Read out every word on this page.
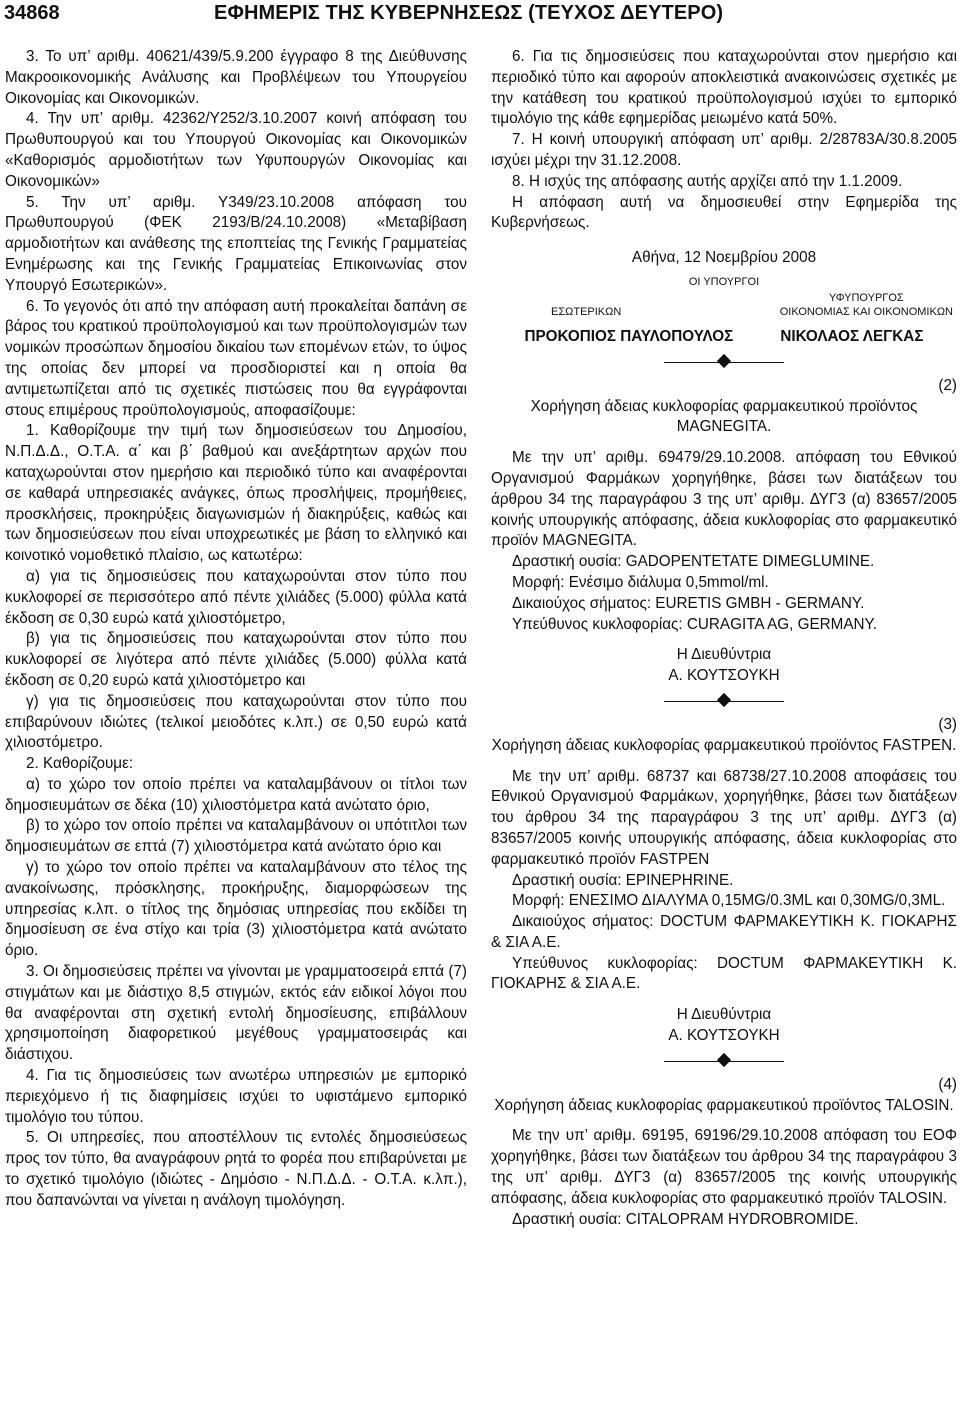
34868	ΕΦΗΜΕΡΙΣ ΤΗΣ ΚΥΒΕΡΝΗΣΕΩΣ (ΤΕΥΧΟΣ ΔΕΥΤΕΡΟ)

3. Το υπ’ αριθμ. 40621/439/5.9.200 έγγραφο 8 της Διεύθυνσης Μακροοικονομικής Ανάλυσης και Προβλέψεων του Υπουργείου Οικονομίας και Οικονομικών.

4. Την υπ’ αριθμ. 42362/Υ252/3.10.2007 κοινή απόφαση του Πρωθυπουργού και του Υπουργού Οικονομίας και Οικονομικών «Καθορισμός αρμοδιοτήτων των Υφυπουργών Οικονομίας και Οικονομικών»

5. Την υπ’ αριθμ. Υ349/23.10.2008 απόφαση του Πρωθυπουργού (ΦΕΚ 2193/Β/24.10.2008) «Μεταβίβαση αρμοδιοτήτων και ανάθεσης της εποπτείας της Γενικής Γραμματείας Ενημέρωσης και της Γενικής Γραμματείας Επικοινωνίας στον Υπουργό Εσωτερικών».

6. Το γεγονός ότι από την απόφαση αυτή προκαλείται δαπάνη σε βάρος του κρατικού προϋπολογισμού και των προϋπολογισμών των νομικών προσώπων δημοσίου δικαίου των επομένων ετών, το ύψος της οποίας δεν μπορεί να προσδιοριστεί και η οποία θα αντιμετωπίζεται από τις σχετικές πιστώσεις που θα εγγράφονται στους επιμέρους προϋπολογισμούς, αποφασίζουμε:

1. Καθορίζουμε την τιμή των δημοσιεύσεων του Δημοσίου, Ν.Π.Δ.Δ., Ο.Τ.Α. α΄ και β΄ βαθμού και ανεξάρτητων αρχών που καταχωρούνται στον ημερήσιο και περιοδικό τύπο και αναφέρονται σε καθαρά υπηρεσιακές ανάγκες, όπως προσλήψεις, προμήθειες, προσκλήσεις, προκηρύξεις διαγωνισμών ή διακηρύξεις, καθώς και των δημοσιεύσεων που είναι υποχρεωτικές με βάση το ελληνικό και κοινοτικό νομοθετικό πλαίσιο, ως κατωτέρω:

α) για τις δημοσιεύσεις που καταχωρούνται στον τύπο που κυκλοφορεί σε περισσότερο από πέντε χιλιάδες (5.000) φύλλα κατά έκδοση σε 0,30 ευρώ κατά χιλιοστόμετρο,

β) για τις δημοσιεύσεις που καταχωρούνται στον τύπο που κυκλοφορεί σε λιγότερα από πέντε χιλιάδες (5.000) φύλλα κατά έκδοση σε 0,20 ευρώ κατά χιλιοστόμετρο και

γ) για τις δημοσιεύσεις που καταχωρούνται στον τύπο που επιβαρύνουν ιδιώτες (τελικοί μειοδότες κ.λπ.) σε 0,50 ευρώ κατά χιλιοστόμετρο.

2. Καθορίζουμε:

α) το χώρο τον οποίο πρέπει να καταλαμβάνουν οι τίτλοι των δημοσιευμάτων σε δέκα (10) χιλιοστόμετρα κατά ανώτατο όριο,

β) το χώρο τον οποίο πρέπει να καταλαμβάνουν οι υπότιτλοι των δημοσιευμάτων σε επτά (7) χιλιοστόμετρα κατά ανώτατο όριο και

γ) το χώρο τον οποίο πρέπει να καταλαμβάνουν στο τέλος της ανακοίνωσης, πρόσκλησης, προκήρυξης, διαμορφώσεων της υπηρεσίας κ.λπ. ο τίτλος της δημόσιας υπηρεσίας που εκδίδει τη δημοσίευση σε ένα στίχο και τρία (3) χιλιοστόμετρα κατά ανώτατο όριο.

3. Οι δημοσιεύσεις πρέπει να γίνονται με γραμματοσειρά επτά (7) στιγμάτων και με διάστιχο 8,5 στιγμών, εκτός εάν ειδικοί λόγοι που θα αναφέρονται στη σχετική εντολή δημοσίευσης, επιβάλλουν χρησιμοποίηση διαφορετικού μεγέθους γραμματοσειράς και διάστιχου.

4. Για τις δημοσιεύσεις των ανωτέρω υπηρεσιών με εμπορικό περιεχόμενο ή τις διαφημίσεις ισχύει το υφιστάμενο εμπορικό τιμολόγιο του τύπου.

5. Οι υπηρεσίες, που αποστέλλουν τις εντολές δημοσιεύσεως προς τον τύπο, θα αναγράφουν ρητά το φορέα που επιβαρύνεται με το σχετικό τιμολόγιο (ιδιώτες - Δημόσιο - Ν.Π.Δ.Δ. - Ο.Τ.Α. κ.λπ.), που δαπανώνται να γίνεται η ανάλογη τιμολόγηση.

6. Για τις δημοσιεύσεις που καταχωρούνται στον ημερήσιο και περιοδικό τύπο και αφορούν αποκλειστικά ανακοινώσεις σχετικές με την κατάθεση του κρατικού προϋπολογισμού ισχύει το εμπορικό τιμολόγιο της κάθε εφημερίδας μειωμένο κατά 50%.

7. Η κοινή υπουργική απόφαση υπ’ αριθμ. 2/28783Α/30.8.2005 ισχύει μέχρι την 31.12.2008.

8. Η ισχύς της απόφασης αυτής αρχίζει από την 1.1.2009.

Η απόφαση αυτή να δημοσιευθεί στην Εφημερίδα της Κυβερνήσεως.

Αθήνα, 12 Νοεμβρίου 2008

ΟΙ ΥΠΟΥΡΓΟΙ

ΕΣΩΤΕΡΙΚΩΝ
ΥΦΥΠΟΥΡΓΟΣ
ΟΙΚΟΝΟΜΙΑΣ ΚΑΙ ΟΙΚΟΝΟΜΙΚΩΝ

ΠΡΟΚΟΠΙΟΣ ΠΑΥΛΟΠΟΥΛΟΣ	ΝΙΚΟΛΑΟΣ ΛΕΓΚΑΣ

(2)

Χορήγηση άδειας κυκλοφορίας φαρμακευτικού προϊόντος MAGNEGITA.

Με την υπ’ αριθμ. 69479/29.10.2008. απόφαση του Εθνικού Οργανισμού Φαρμάκων χορηγήθηκε, βάσει των διατάξεων του άρθρου 34 της παραγράφου 3 της υπ’ αριθμ. ΔΥΓ3 (α) 83657/2005 κοινής υπουργικής απόφασης, άδεια κυκλοφορίας στο φαρμακευτικό προϊόν MAGNEGITA.

Δραστική ουσία: GADOPENTETATE DIMEGLUMINE.

Μορφή: Ενέσιμο διάλυμα 0,5mmol/ml.

Δικαιούχος σήματος: EURETIS GMBH - GERMANY.

Υπεύθυνος κυκλοφορίας: CURAGITA AG, GERMANY.

Η Διευθύντρια

Α. ΚΟΥΤΣΟΥΚΗ

(3)

Χορήγηση άδειας κυκλοφορίας φαρμακευτικού προϊόντος FASTPEN.

Με την υπ’ αριθμ. 68737 και 68738/27.10.2008 αποφάσεις του Εθνικού Οργανισμού Φαρμάκων, χορηγήθηκε, βάσει των διατάξεων του άρθρου 34 της παραγράφου 3 της υπ’ αριθμ. ΔΥΓ3 (α) 83657/2005 κοινής υπουργικής απόφασης, άδεια κυκλοφορίας στο φαρμακευτικό προϊόν FASTPEN

Δραστική ουσία: EPINEPHRINE.

Μορφή: ΕΝΕΣΙΜΟ ΔΙΑΛΥΜΑ 0,15MG/0.3ML και 0,30MG/0,3ML.

Δικαιούχος σήματος: DOCTUM ΦΑΡΜΑΚΕΥΤΙΚΗ Κ. ΓΙΟΚΑΡΗΣ & ΣΙΑ Α.Ε.

Υπεύθυνος κυκλοφορίας: DOCTUM ΦΑΡΜΑΚΕΥΤΙΚΗ Κ. ΓΙΟΚΑΡΗΣ & ΣΙΑ Α.Ε.

Η Διευθύντρια

Α. ΚΟΥΤΣΟΥΚΗ

(4)

Χορήγηση άδειας κυκλοφορίας φαρμακευτικού προϊόντος TALOSIN.

Με την υπ’ αριθμ. 69195, 69196/29.10.2008 απόφαση του ΕΟΦ χορηγήθηκε, βάσει των διατάξεων του άρθρου 34 της παραγράφου 3 της υπ’ αριθμ. ΔΥΓ3 (α) 83657/2005 της κοινής υπουργικής απόφασης, άδεια κυκλοφορίας στο φαρμακευτικό προϊόν TALOSIN.

Δραστική ουσία: CITALOPRAM HYDROBROMIDE.
